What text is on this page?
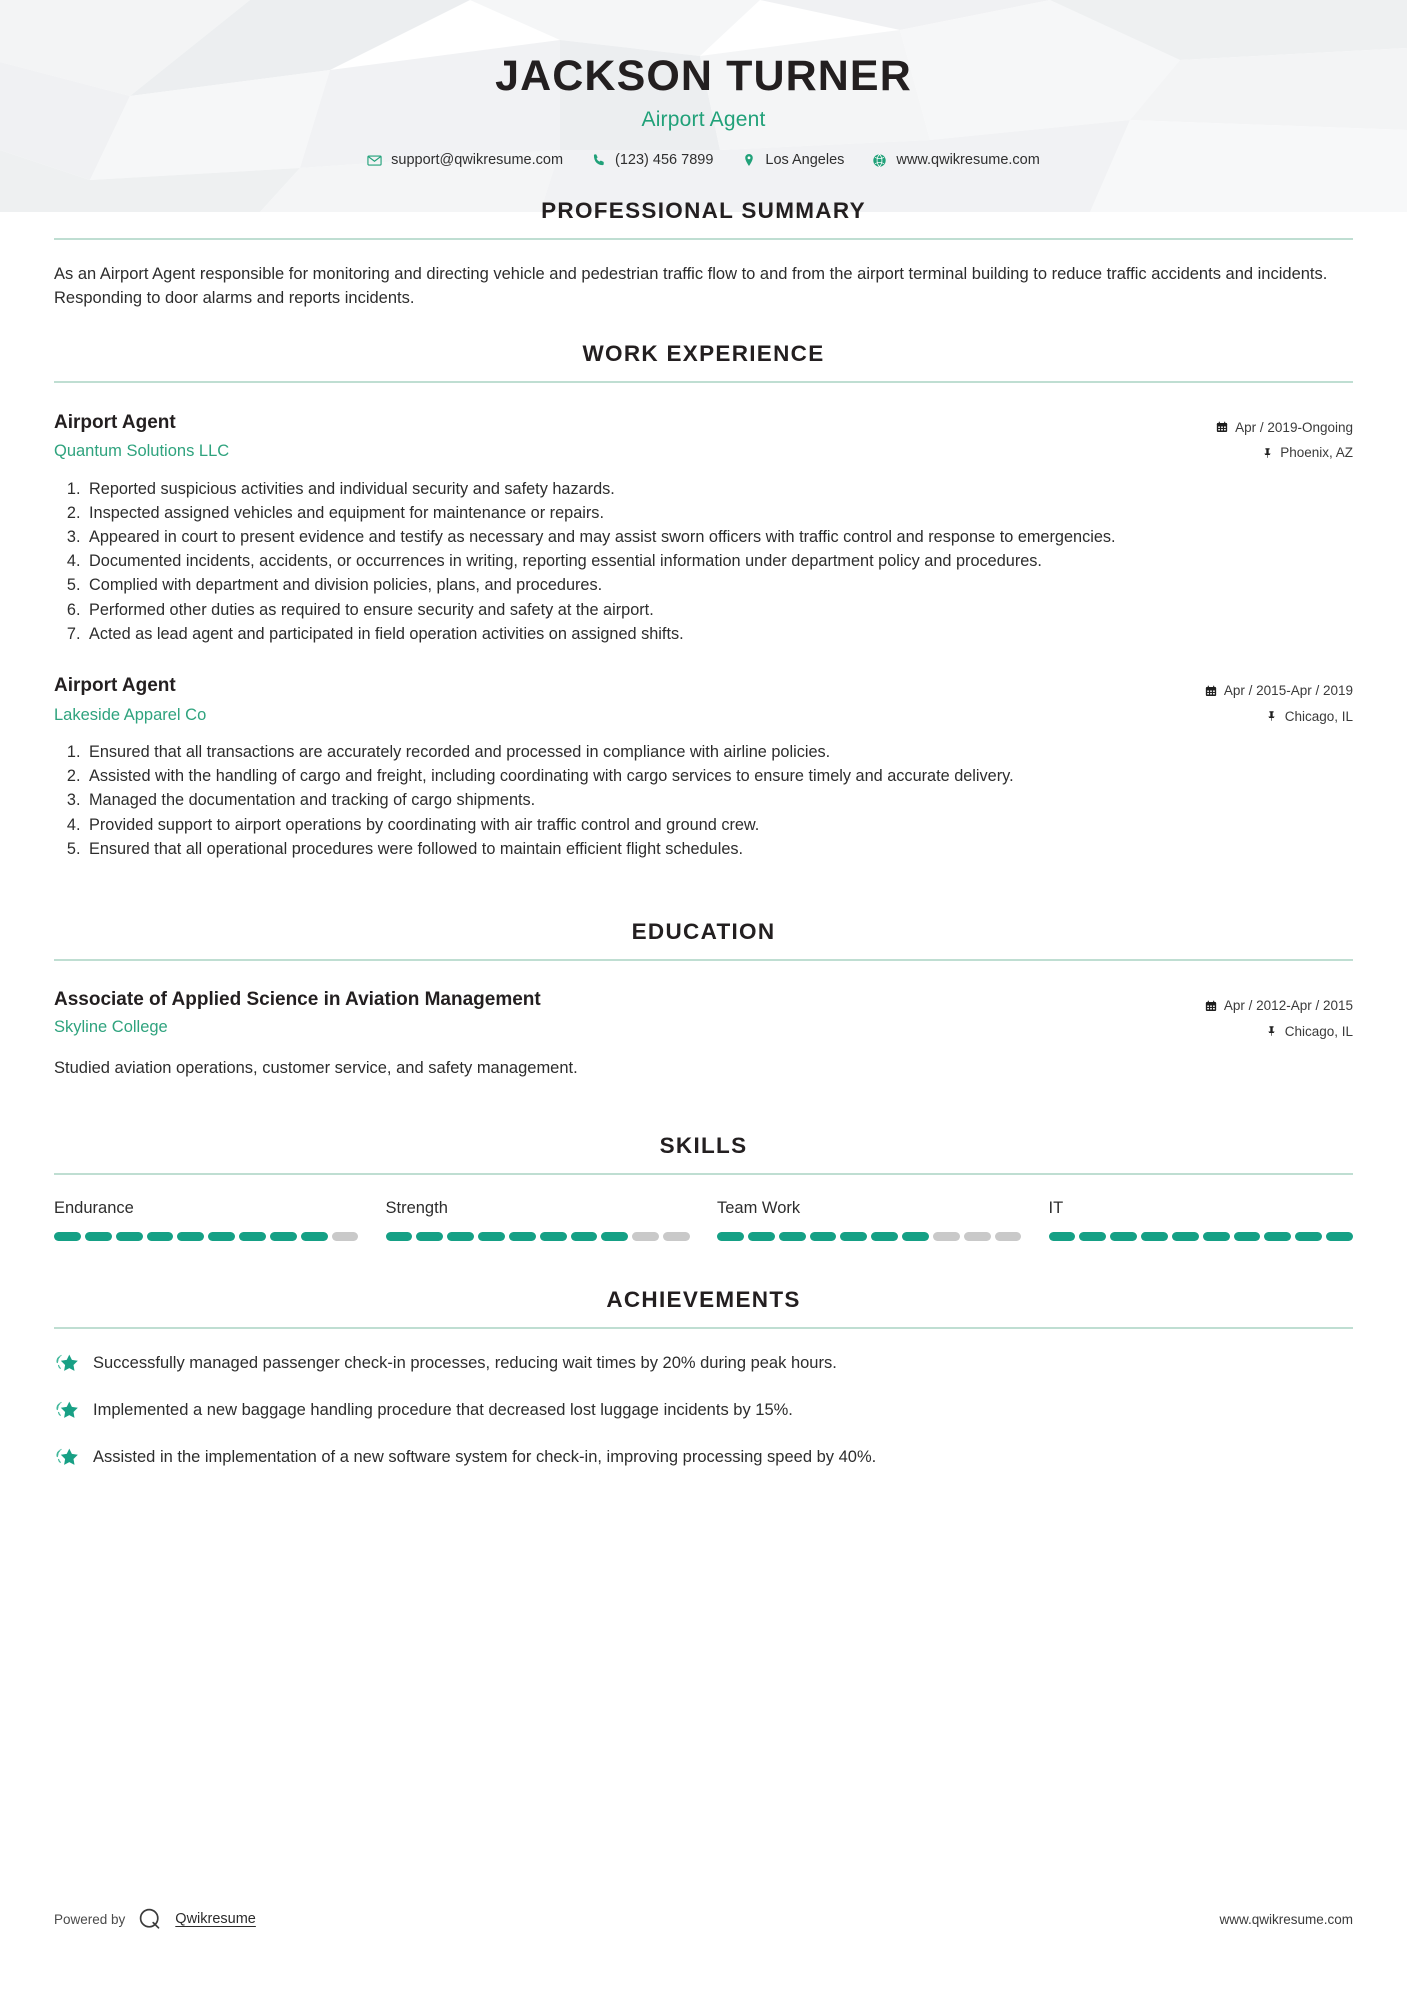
JACKSON TURNER
Airport Agent
support@qwikresume.com	(123) 456 7899	Los Angeles	www.qwikresume.com
PROFESSIONAL SUMMARY

As an Airport Agent responsible for monitoring and directing vehicle and pedestrian traffic flow to and from the airport terminal building to reduce traffic accidents and incidents. Responding to door alarms and reports incidents.

WORK EXPERIENCE
Airport Agent
Quantum Solutions LLC
Apr / 2019-Ongoing
Phoenix, AZ
1. Reported suspicious activities and individual security and safety hazards.
2. Inspected assigned vehicles and equipment for maintenance or repairs.
3. Appeared in court to present evidence and testify as necessary and may assist sworn officers with traffic control and response to emergencies.
4. Documented incidents, accidents, or occurrences in writing, reporting essential information under department policy and procedures.
5. Complied with department and division policies, plans, and procedures.
6. Performed other duties as required to ensure security and safety at the airport.
7. Acted as lead agent and participated in field operation activities on assigned shifts.
Airport Agent
Lakeside Apparel Co
Apr / 2015-Apr / 2019
Chicago, IL
1. Ensured that all transactions are accurately recorded and processed in compliance with airline policies.
2. Assisted with the handling of cargo and freight, including coordinating with cargo services to ensure timely and accurate delivery.
3. Managed the documentation and tracking of cargo shipments.
4. Provided support to airport operations by coordinating with air traffic control and ground crew.
5. Ensured that all operational procedures were followed to maintain efficient flight schedules.
EDUCATION
Associate of Applied Science in Aviation Management
Skyline College
Apr / 2012-Apr / 2015
Chicago, IL

Studied aviation operations, customer service, and safety management.

SKILLS
Endurance	Strength	Team Work	IT
ACHIEVEMENTS
Successfully managed passenger check-in processes, reducing wait times by 20% during peak hours.
Implemented a new baggage handling procedure that decreased lost luggage incidents by 15%.
Assisted in the implementation of a new software system for check-in, improving processing speed by 40%.
Powered by	Qwikresume	www.qwikresume.com
